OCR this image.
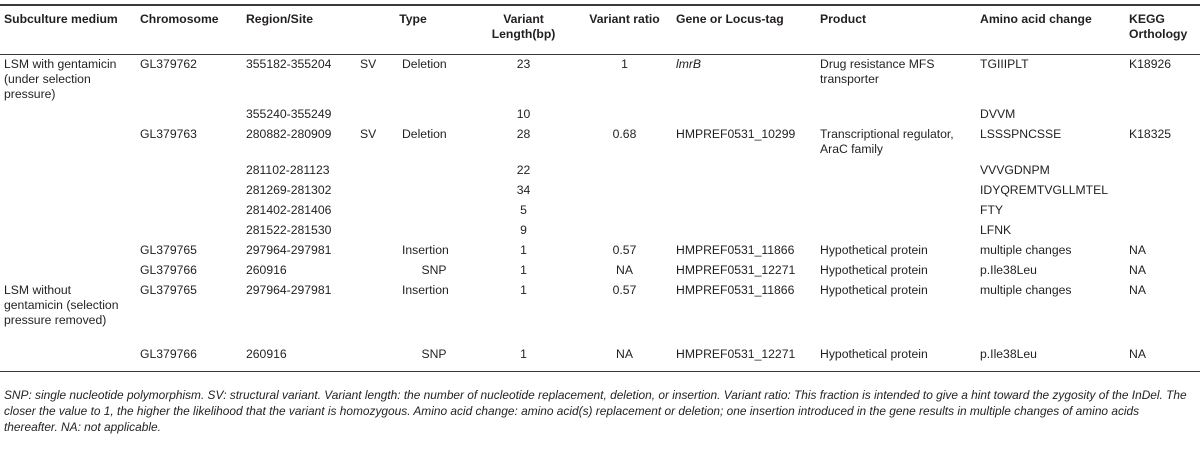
Subculture medium	Chromosome	Region/Site	Type		Variant Length(bp)	Variant ratio	Gene or Locus-tag	Product	Amino acid change	KEGG Orthology
LSM with gentamicin (under selection pressure)	GL379762	355182-355204	SV	Deletion	23	1	lmrB	Drug resistance MFS transporter	TGIIIPLT	K18926
		355240-355249			10				DVVM	
	GL379763	280882-280909	SV	Deletion	28	0.68	HMPREF0531_10299	Transcriptional regulator, AraC family	LSSSPNCSSE	K18325
		281102-281123			22				VVVGDNPM	
		281269-281302			34				IDYQREMTVGLLMTEL	
		281402-281406			5				FTY	
		281522-281530			9				LFNK	
	GL379765	297964-297981		Insertion	1	0.57	HMPREF0531_11866	Hypothetical protein	multiple changes	NA
	GL379766	260916		SNP	1	NA	HMPREF0531_12271	Hypothetical protein	p.Ile38Leu	NA
LSM without gentamicin (selection pressure removed)	GL379765	297964-297981		Insertion	1	0.57	HMPREF0531_11866	Hypothetical protein	multiple changes	NA
	GL379766	260916		SNP	1	NA	HMPREF0531_12271	Hypothetical protein	p.Ile38Leu	NA

SNP: single nucleotide polymorphism. SV: structural variant. Variant length: the number of nucleotide replacement, deletion, or insertion. Variant ratio: This fraction is intended to give a hint toward the zygosity of the InDel. The closer the value to 1, the higher the likelihood that the variant is homozygous. Amino acid change: amino acid(s) replacement or deletion; one insertion introduced in the gene results in multiple changes of amino acids thereafter. NA: not applicable.
